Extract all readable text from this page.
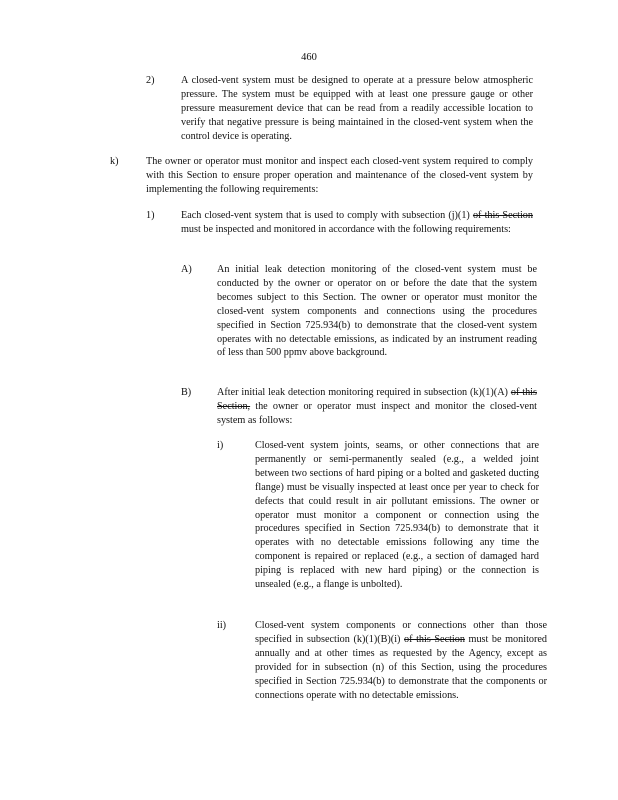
460
2)	A closed-vent system must be designed to operate at a pressure below atmospheric pressure. The system must be equipped with at least one pressure gauge or other pressure measurement device that can be read from a readily accessible location to verify that negative pressure is being maintained in the closed-vent system when the control device is operating.
k)	The owner or operator must monitor and inspect each closed-vent system required to comply with this Section to ensure proper operation and maintenance of the closed-vent system by implementing the following requirements:
1)	Each closed-vent system that is used to comply with subsection (j)(1) of this Section must be inspected and monitored in accordance with the following requirements:
A) An initial leak detection monitoring of the closed-vent system must be conducted by the owner or operator on or before the date that the system becomes subject to this Section. The owner or operator must monitor the closed-vent system components and connections using the procedures specified in Section 725.934(b) to demonstrate that the closed-vent system operates with no detectable emissions, as indicated by an instrument reading of less than 500 ppmv above background.
B)	After initial leak detection monitoring required in subsection (k)(1)(A) of this Section, the owner or operator must inspect and monitor the closed-vent system as follows:
i)	Closed-vent system joints, seams, or other connections that are permanently or semi-permanently sealed (e.g., a welded joint between two sections of hard piping or a bolted and gasketed ducting flange) must be visually inspected at least once per year to check for defects that could result in air pollutant emissions. The owner or operator must monitor a component or connection using the procedures specified in Section 725.934(b) to demonstrate that it operates with no detectable emissions following any time the component is repaired or replaced (e.g., a section of damaged hard piping is replaced with new hard piping) or the connection is unsealed (e.g., a flange is unbolted).
ii)	Closed-vent system components or connections other than those specified in subsection (k)(1)(B)(i) of this Section must be monitored annually and at other times as requested by the Agency, except as provided for in subsection (n) of this Section, using the procedures specified in Section 725.934(b) to demonstrate that the components or connections operate with no detectable emissions.
